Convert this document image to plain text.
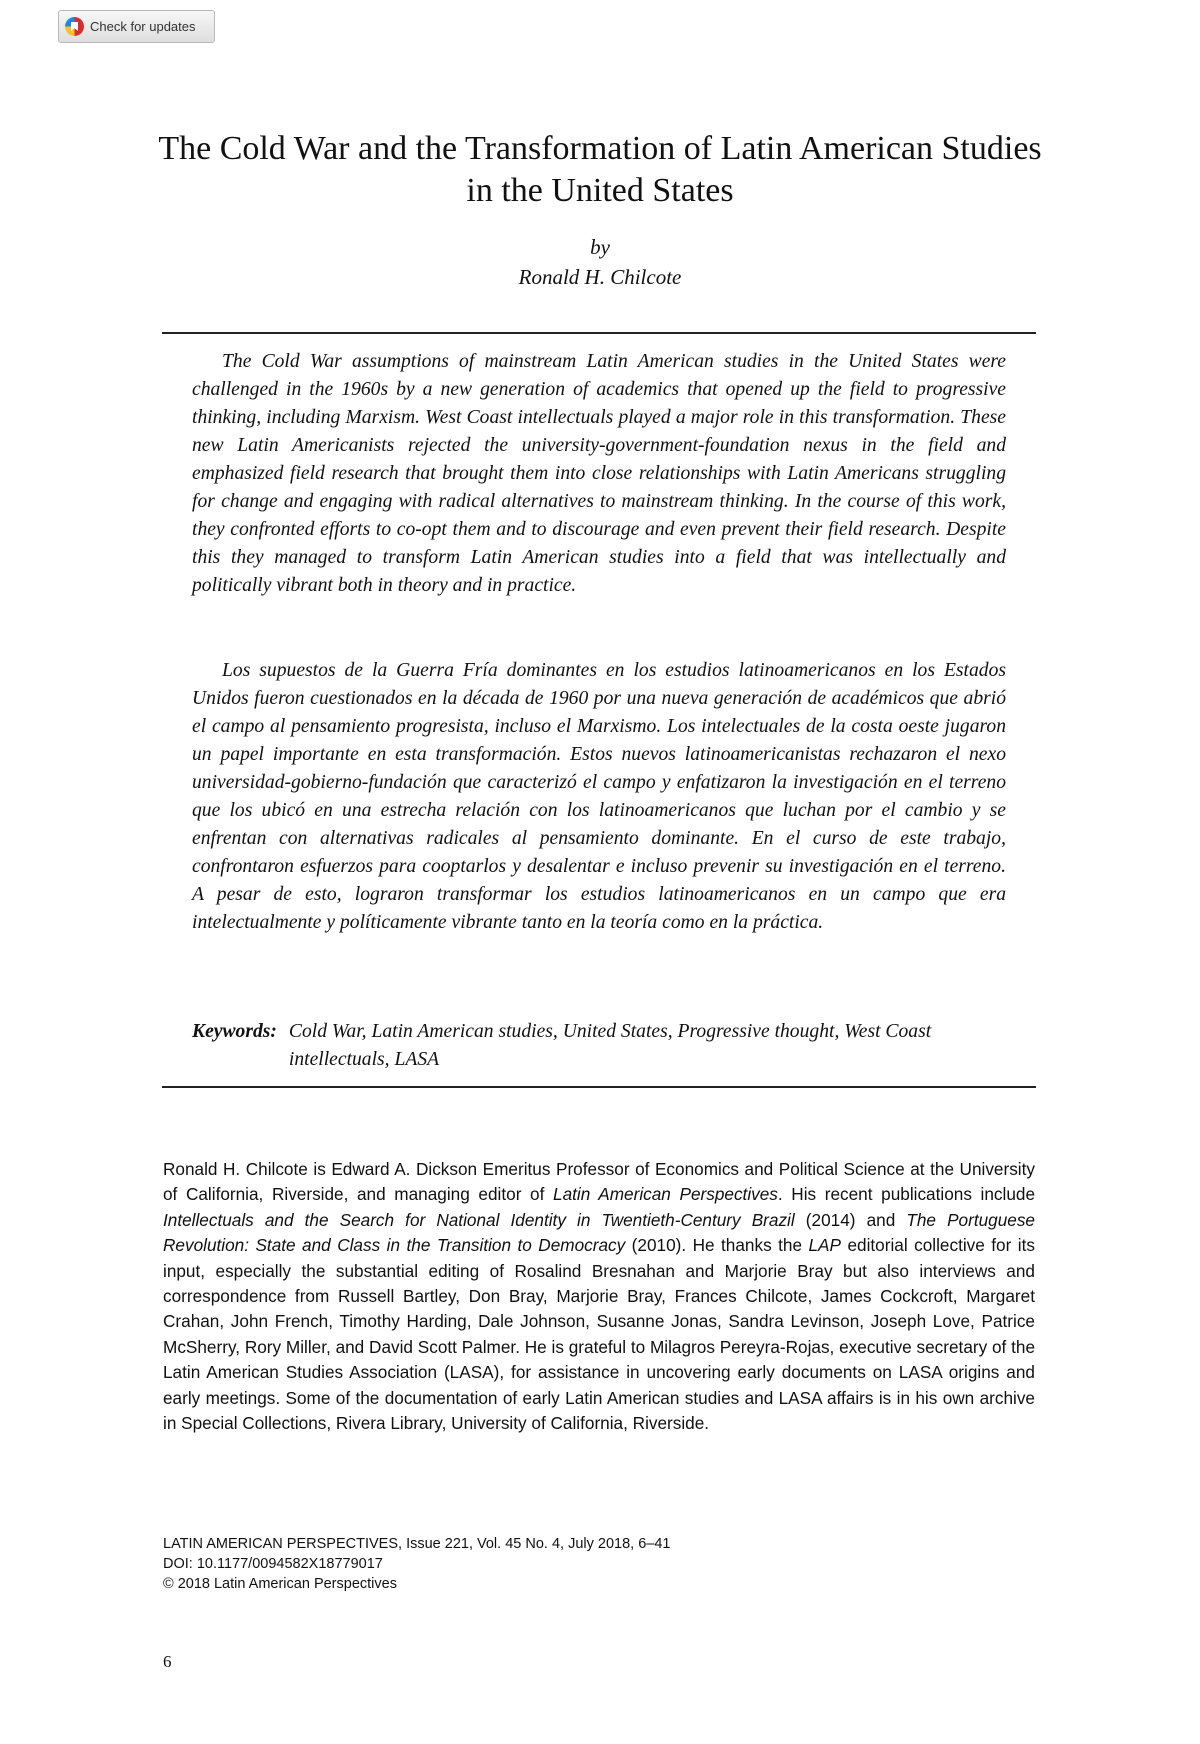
Check for updates
The Cold War and the Transformation of Latin American Studies in the United States
by
Ronald H. Chilcote

The Cold War assumptions of mainstream Latin American studies in the United States were challenged in the 1960s by a new generation of academics that opened up the field to progressive thinking, including Marxism. West Coast intellectuals played a major role in this transformation. These new Latin Americanists rejected the university-government-foundation nexus in the field and emphasized field research that brought them into close relationships with Latin Americans struggling for change and engaging with radical alternatives to mainstream thinking. In the course of this work, they confronted efforts to co-opt them and to discourage and even prevent their field research. Despite this they managed to transform Latin American studies into a field that was intellectually and politically vibrant both in theory and in practice.

Los supuestos de la Guerra Fría dominantes en los estudios latinoamericanos en los Estados Unidos fueron cuestionados en la década de 1960 por una nueva generación de académicos que abrió el campo al pensamiento progresista, incluso el Marxismo. Los intelectuales de la costa oeste jugaron un papel importante en esta transformación. Estos nuevos latinoamericanistas rechazaron el nexo universidad-gobierno-fundación que caracterizó el campo y enfatizaron la investigación en el terreno que los ubicó en una estrecha relación con los latinoamericanos que luchan por el cambio y se enfrentan con alternativas radicales al pensamiento dominante. En el curso de este trabajo, confrontaron esfuerzos para cooptarlos y desalentar e incluso prevenir su investigación en el terreno. A pesar de esto, lograron transformar los estudios latinoamericanos en un campo que era intelectualmente y políticamente vibrante tanto en la teoría como en la práctica.

Keywords: Cold War, Latin American studies, United States, Progressive thought, West Coast intellectuals, LASA

Ronald H. Chilcote is Edward A. Dickson Emeritus Professor of Economics and Political Science at the University of California, Riverside, and managing editor of Latin American Perspectives. His recent publications include Intellectuals and the Search for National Identity in Twentieth-Century Brazil (2014) and The Portuguese Revolution: State and Class in the Transition to Democracy (2010). He thanks the LAP editorial collective for its input, especially the substantial editing of Rosalind Bresnahan and Marjorie Bray but also interviews and correspondence from Russell Bartley, Don Bray, Marjorie Bray, Frances Chilcote, James Cockcroft, Margaret Crahan, John French, Timothy Harding, Dale Johnson, Susanne Jonas, Sandra Levinson, Joseph Love, Patrice McSherry, Rory Miller, and David Scott Palmer. He is grateful to Milagros Pereyra-Rojas, executive secretary of the Latin American Studies Association (LASA), for assistance in uncovering early documents on LASA origins and early meetings. Some of the documentation of early Latin American studies and LASA affairs is in his own archive in Special Collections, Rivera Library, University of California, Riverside.

LATIN AMERICAN PERSPECTIVES, Issue 221, Vol. 45 No. 4, July 2018, 6–41
DOI: 10.1177/0094582X18779017
© 2018 Latin American Perspectives
6
